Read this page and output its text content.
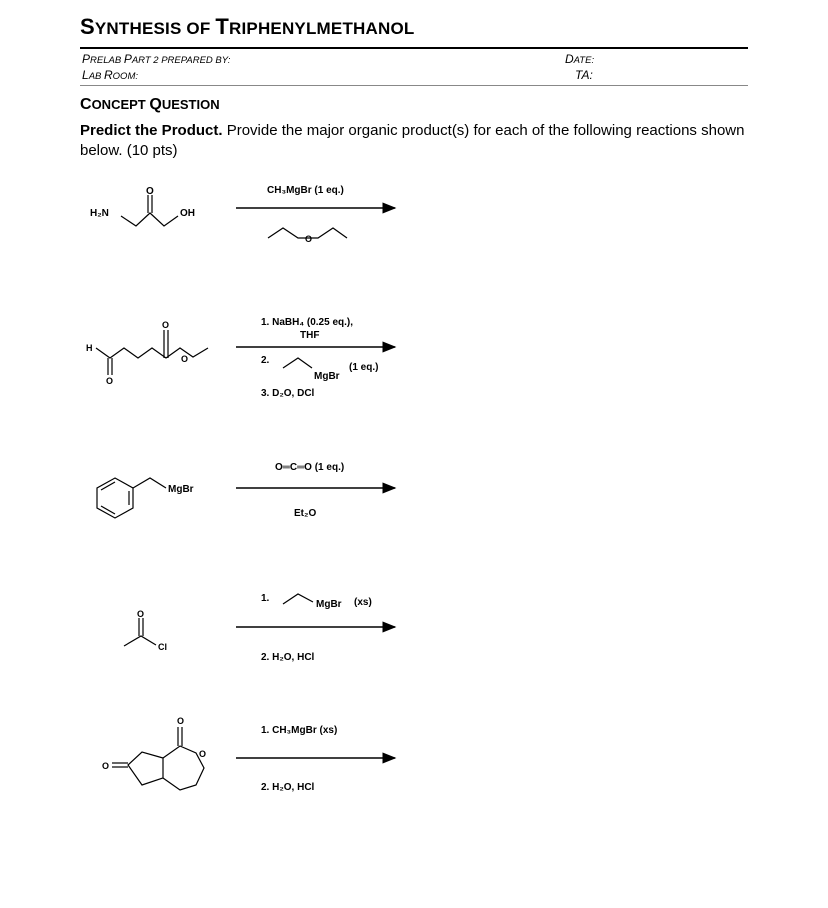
SYNTHESIS OF TRIPHENYLMETHANOL
PRELAB PART 2 PREPARED BY:
LAB ROOM:
DATE:
TA:
CONCEPT QUESTION
Predict the Product. Provide the major organic product(s) for each of the following reactions shown below. (10 pts)
H₂N	OH
O	CH₃MgBr (1 eq.)
O
H
O
O
O
1. NaBH₄ (0.25 eq.),
THF
2.
MgBr
(1 eq.)
3. D₂O, DCl
MgBr
O═C═O (1 eq.)
Et₂O
O
Cl
1.
MgBr (xs)
2. H₂O, HCl
O
O
O
1. CH₃MgBr (xs)
2. H₂O, HCl
